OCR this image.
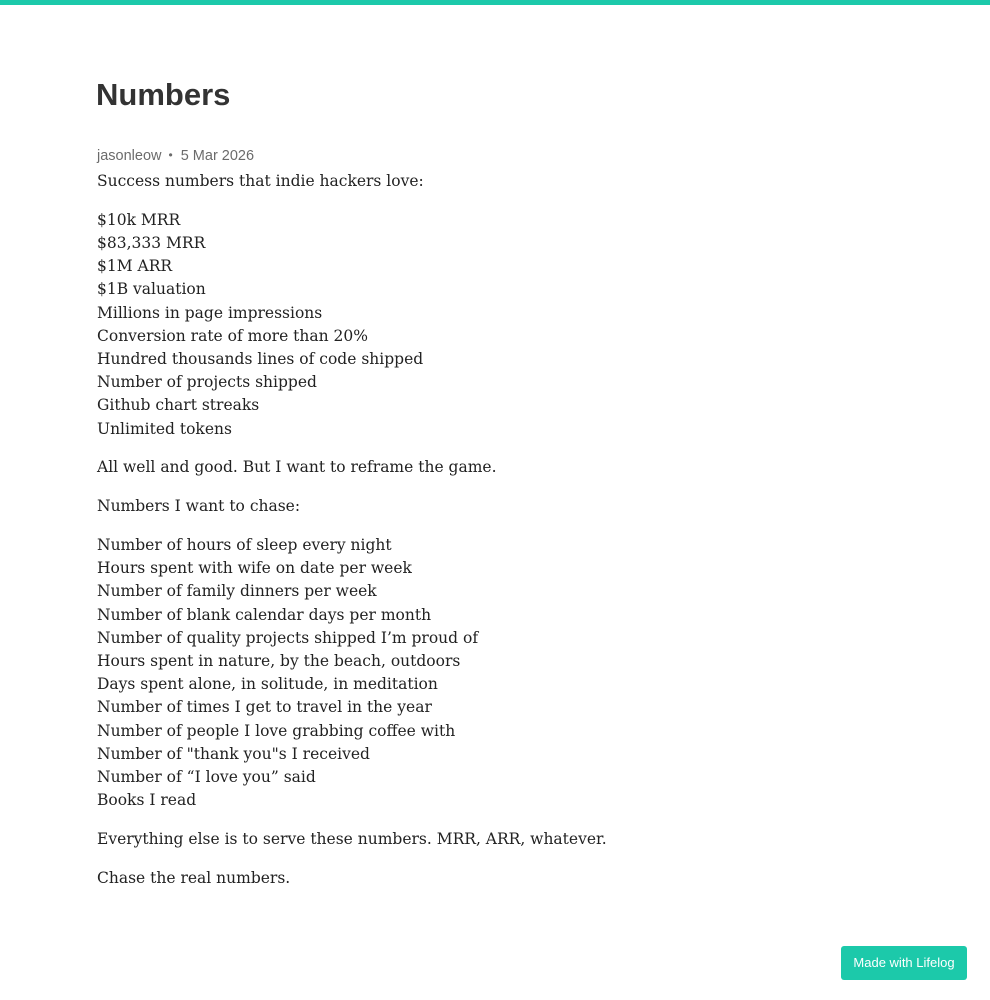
Numbers
jasonleow • 5 Mar 2026

Success numbers that indie hackers love:

$10k MRR
$83,333 MRR
$1M ARR
$1B valuation
Millions in page impressions
Conversion rate of more than 20%
Hundred thousands lines of code shipped
Number of projects shipped
Github chart streaks
Unlimited tokens

All well and good. But I want to reframe the game.

Numbers I want to chase:

Number of hours of sleep every night
Hours spent with wife on date per week
Number of family dinners per week
Number of blank calendar days per month
Number of quality projects shipped I’m proud of
Hours spent in nature, by the beach, outdoors
Days spent alone, in solitude, in meditation
Number of times I get to travel in the year
Number of people I love grabbing coffee with
Number of "thank you"s I received
Number of “I love you” said
Books I read

Everything else is to serve these numbers. MRR, ARR, whatever.

Chase the real numbers.

Made with Lifelog
